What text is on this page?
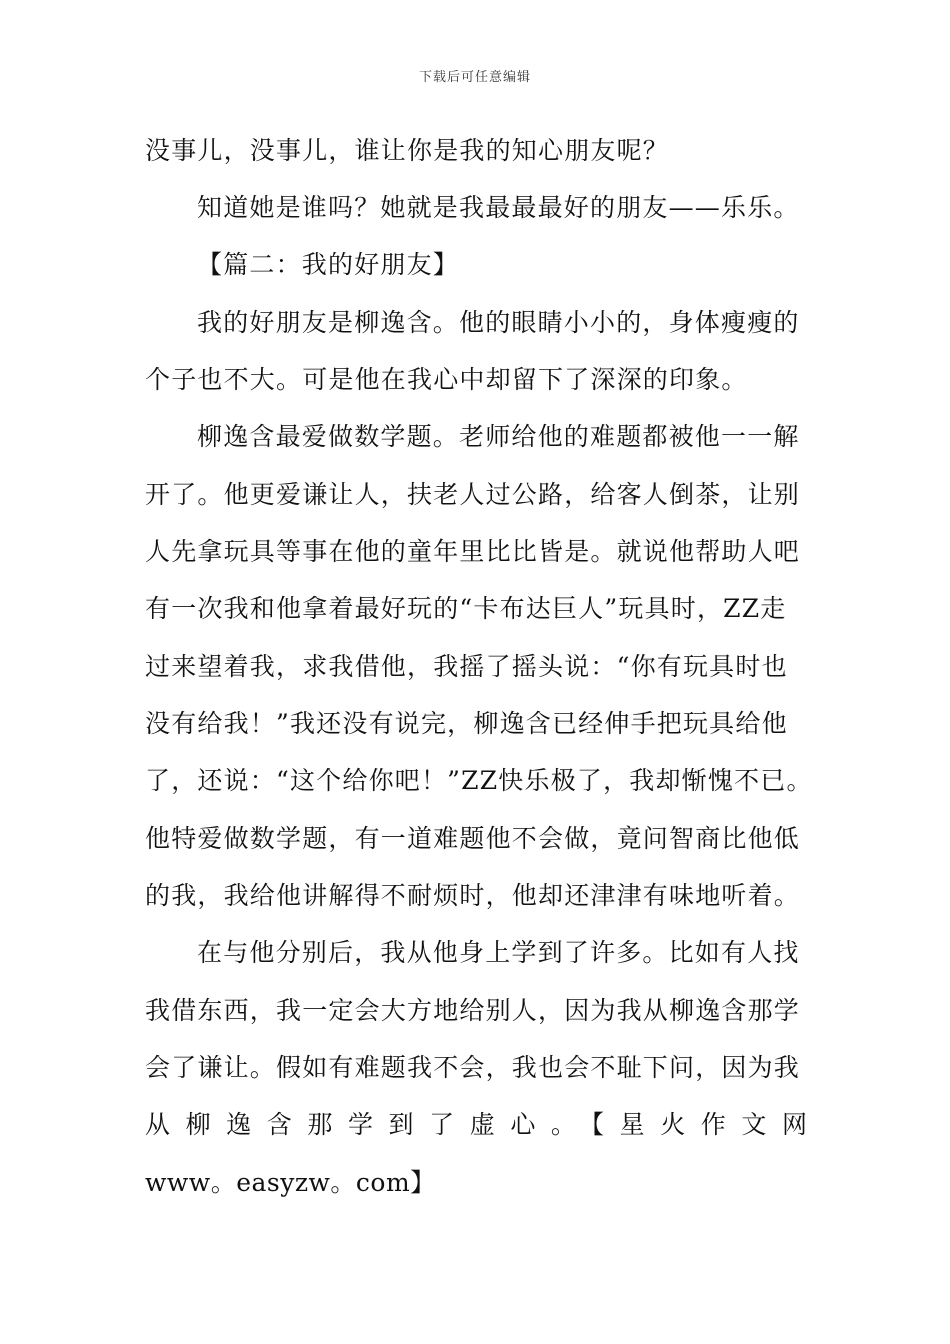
下载后可任意编辑
没事儿，没事儿，谁让你是我的知心朋友呢？
知道她是谁吗？她就是我最最最好的朋友——乐乐。
【篇二：我的好朋友】
我的好朋友是柳逸含。他的眼睛小小的，身体瘦瘦的
个子也不大。可是他在我心中却留下了深深的印象。
柳逸含最爱做数学题。老师给他的难题都被他一一解
开了。他更爱谦让人，扶老人过公路，给客人倒茶，让别
人先拿玩具等事在他的童年里比比皆是。就说他帮助人吧
有一次我和他拿着最好玩的“卡布达巨人”玩具时，ZZ走
过来望着我，求我借他，我摇了摇头说：“你有玩具时也
没有给我！”我还没有说完，柳逸含已经伸手把玩具给他
了，还说：“这个给你吧！”ZZ快乐极了，我却惭愧不已。
他特爱做数学题，有一道难题他不会做，竟问智商比他低
的我，我给他讲解得不耐烦时，他却还津津有味地听着。
在与他分别后，我从他身上学到了许多。比如有人找
我借东西，我一定会大方地给别人，因为我从柳逸含那学
会了谦让。假如有难题我不会，我也会不耻下问，因为我
从柳逸含那学到了虚心。【星火作文网
www。easyzw。com】
